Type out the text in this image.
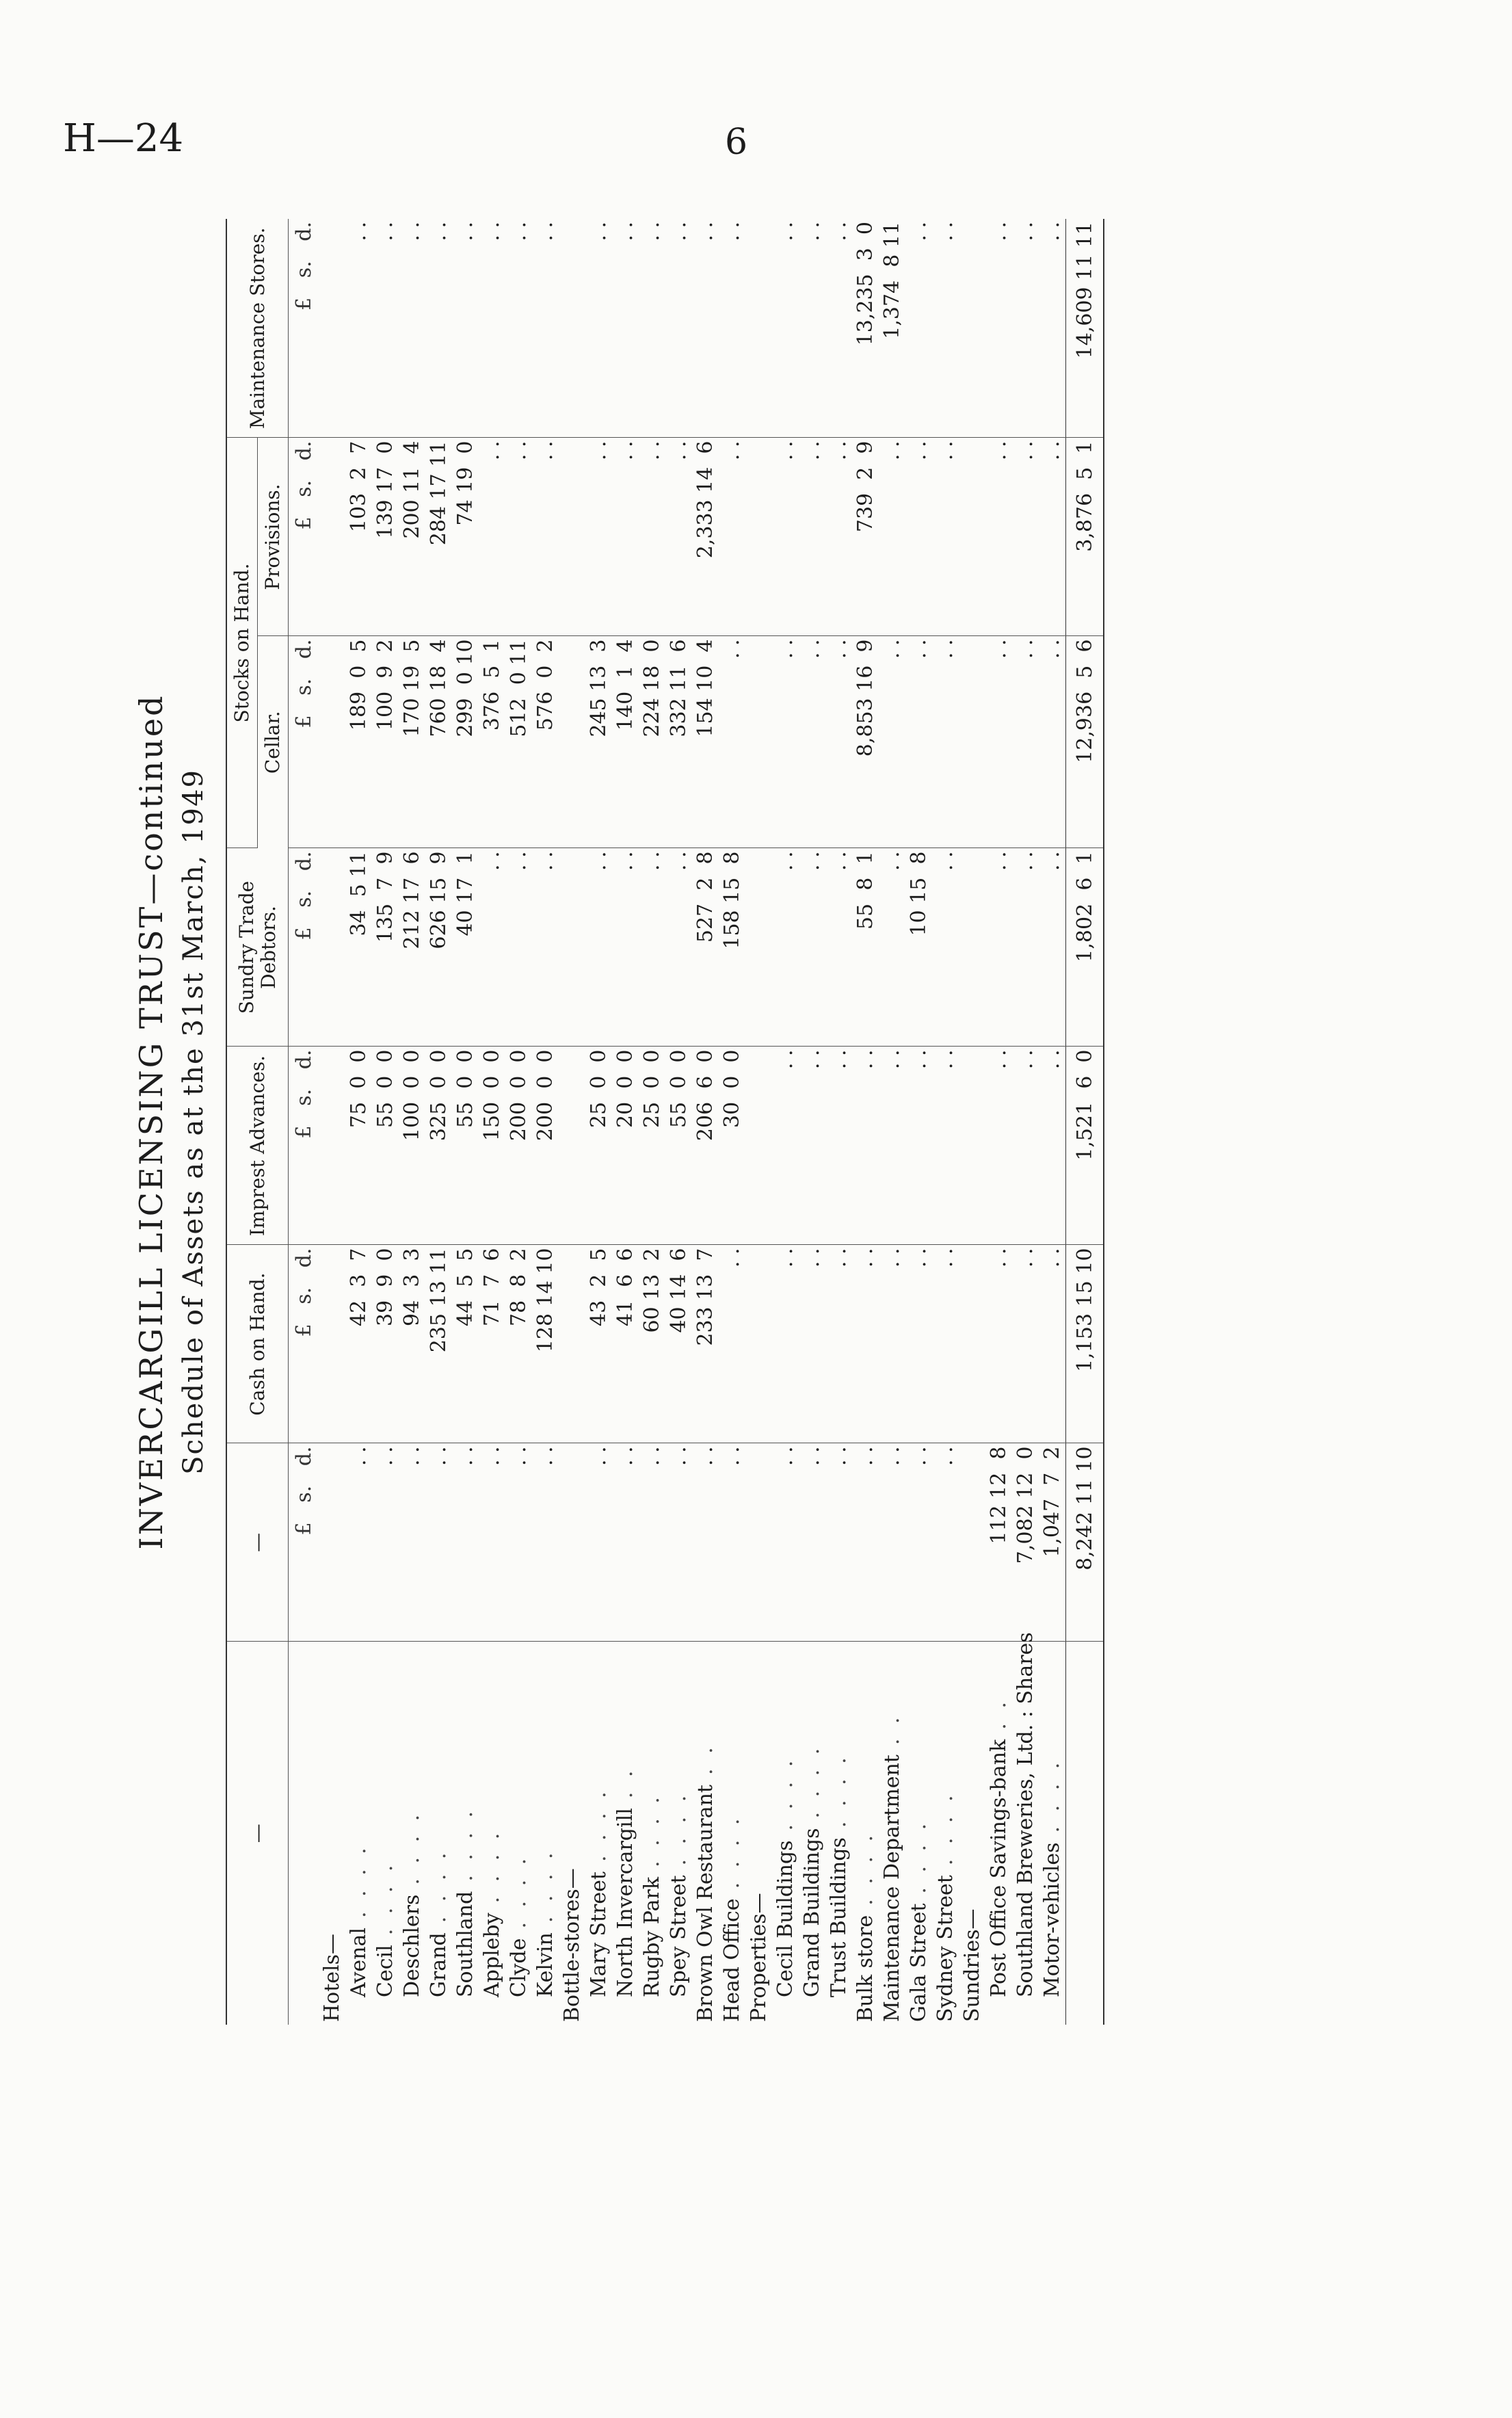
H—24	6
INVERCARGILL LICENSING TRUST—continued Schedule of Assets as at the 31st March, 1949
—	—	Cash on Hand.	Imprest Advances.	Sundry Trade Debtors.	Stocks on Hand.		Maintenance Stores.
					Cellar.	Provisions.	
	£   s.   d.	£   s.   d.	£   s.   d.	£   s.   d.	£   s.   d.	£   s.   d.	£   s.   d.
Hotels—							
Avenal. . . .	. .	42  3  7	75  0  0	34  5 11	189  0  5	103  2  7	. .
Cecil. . . .	. .	39  9  0	55  0  0	135  7  9	100  9  2	139 17  0	. .
Deschlers. . . .	. .	94  3  3	100  0  0	212 17  6	170 19  5	200 11  4	. .
Grand. . . .	. .	235 13 11	325  0  0	626 15  9	760 18  4	284 17 11	. .
Southland. . . .	. .	44  5  5	55  0  0	40 17  1	299  0 10	74 19  0	. .
Appleby. . . .	. .	71  7  6	150  0  0	. .	376  5  1	. .	. .
Clyde. . . .	. .	78  8  2	200  0  0	. .	512  0 11	. .	. .
Kelvin. . . .	. .	128 14 10	200  0  0	. .	576  0  2	. .	. .
Bottle-stores—							
Mary Street. . . .	. .	43  2  5	25  0  0	. .	245 13  3	. .	. .
North Invercargill. .	. .	41  6  6	20  0  0	. .	140  1  4	. .	. .
Rugby Park. . . .	. .	60 13  2	25  0  0	. .	224 18  0	. .	. .
Spey Street. . . .	. .	40 14  6	55  0  0	. .	332 11  6	. .	. .
Brown Owl Restaurant. .	. .	233 13  7	206  6  0	527  2  8	154 10  4	2,333 14  6	. .
Head Office. . . .	. .	. .	30  0  0	158 15  8	. .	. .	. .
Properties—							
Cecil Buildings. . . .	. .	. .	. .	. .	. .	. .	. .
Grand Buildings. . . .	. .	. .	. .	. .	. .	. .	. .
Trust Buildings. . . .	. .	. .	. .	. .	. .	. .	. .
Bulk store. . . .	. .	. .	. .	55  8  1	8,853 16  9	739  2  9	13,235  3  0
Maintenance Department. .	. .	. .	. .	. .	. .	. .	1,374  8 11
Gala Street. . . .	. .	. .	. .	10 15  8	. .	. .	. .
Sydney Street. . . .	. .	. .	. .	. .	. .	. .	. .
Sundries—							
Post Office Savings-bank. .	112 12  8	. .	. .	. .	. .	. .	. .
Southland Breweries, Ltd. : Shares	7,082 12  0	. .	. .	. .	. .	. .	. .
Motor-vehicles. . . .	1,047  7  2	. .	. .	. .	. .	. .	. .
	8,242 11 10	1,153 15 10	1,521  6  0	1,802  6  1	12,936  5  6	3,876  5  1	14,609 11 11
